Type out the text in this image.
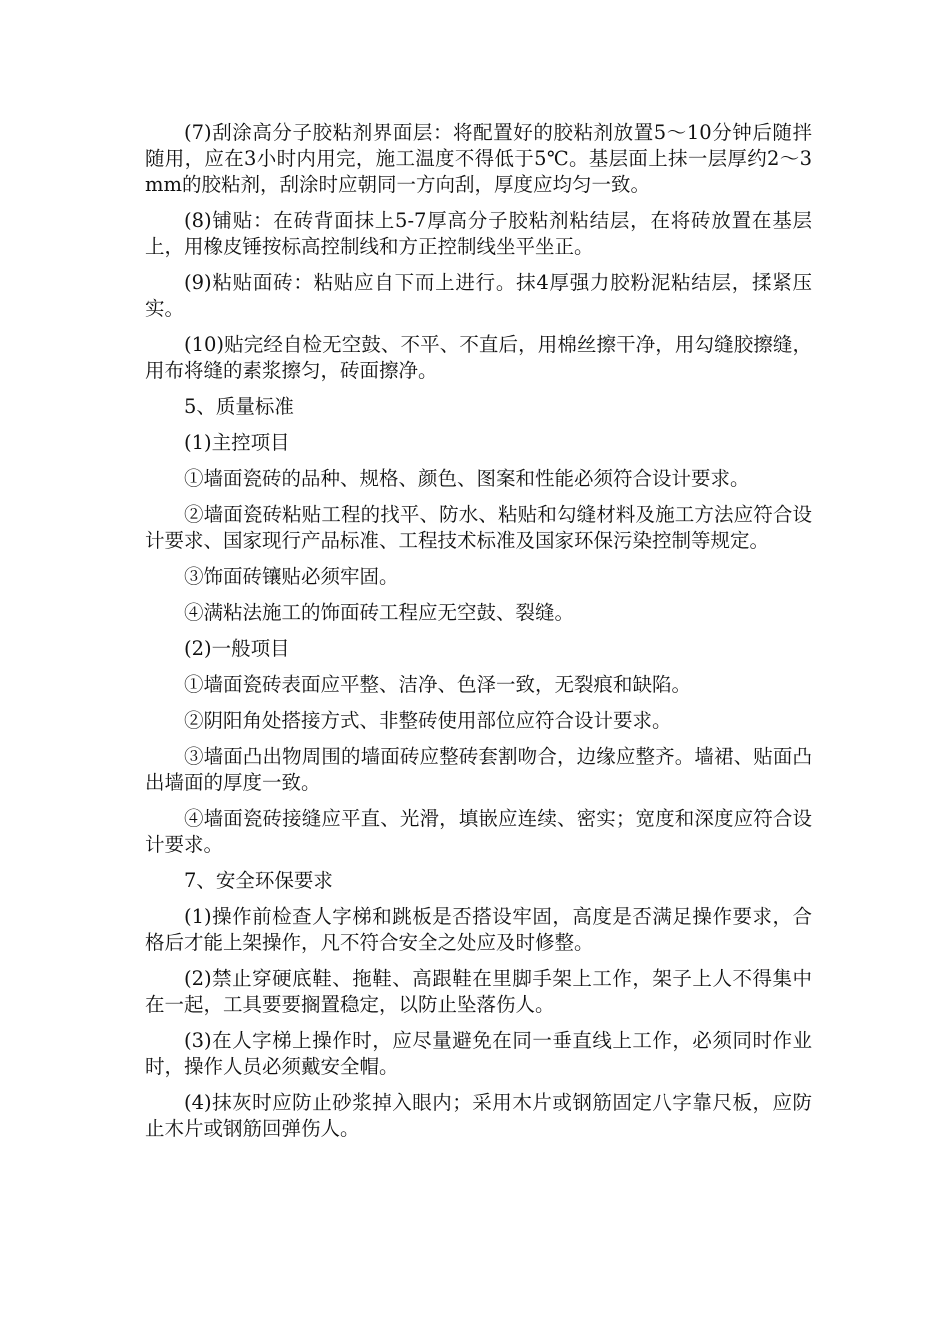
(7)刮涂高分子胶粘剂界面层：将配置好的胶粘剂放置5～10分钟后随拌随用，应在3小时内用完，施工温度不得低于5℃。基层面上抹一层厚约2～3mm的胶粘剂，刮涂时应朝同一方向刮，厚度应均匀一致。

(8)铺贴：在砖背面抹上5-7厚高分子胶粘剂粘结层，在将砖放置在基层上，用橡皮锤按标高控制线和方正控制线坐平坐正。

(9)粘贴面砖：粘贴应自下而上进行。抹4厚强力胶粉泥粘结层，揉紧压实。

(10)贴完经自检无空鼓、不平、不直后，用棉丝擦干净，用勾缝胶擦缝，用布将缝的素浆擦匀，砖面擦净。

5、质量标准

(1)主控项目

①墙面瓷砖的品种、规格、颜色、图案和性能必须符合设计要求。

②墙面瓷砖粘贴工程的找平、防水、粘贴和勾缝材料及施工方法应符合设计要求、国家现行产品标准、工程技术标准及国家环保污染控制等规定。

③饰面砖镶贴必须牢固。

④满粘法施工的饰面砖工程应无空鼓、裂缝。

(2)一般项目

①墙面瓷砖表面应平整、洁净、色泽一致，无裂痕和缺陷。

②阴阳角处搭接方式、非整砖使用部位应符合设计要求。

③墙面凸出物周围的墙面砖应整砖套割吻合，边缘应整齐。墙裙、贴面凸出墙面的厚度一致。

④墙面瓷砖接缝应平直、光滑，填嵌应连续、密实；宽度和深度应符合设计要求。

7、安全环保要求

(1)操作前检查人字梯和跳板是否搭设牢固，高度是否满足操作要求，合格后才能上架操作，凡不符合安全之处应及时修整。

(2)禁止穿硬底鞋、拖鞋、高跟鞋在里脚手架上工作，架子上人不得集中在一起，工具要要搁置稳定，以防止坠落伤人。

(3)在人字梯上操作时，应尽量避免在同一垂直线上工作，必须同时作业时，操作人员必须戴安全帽。

(4)抹灰时应防止砂浆掉入眼内；采用木片或钢筋固定八字靠尺板，应防止木片或钢筋回弹伤人。
